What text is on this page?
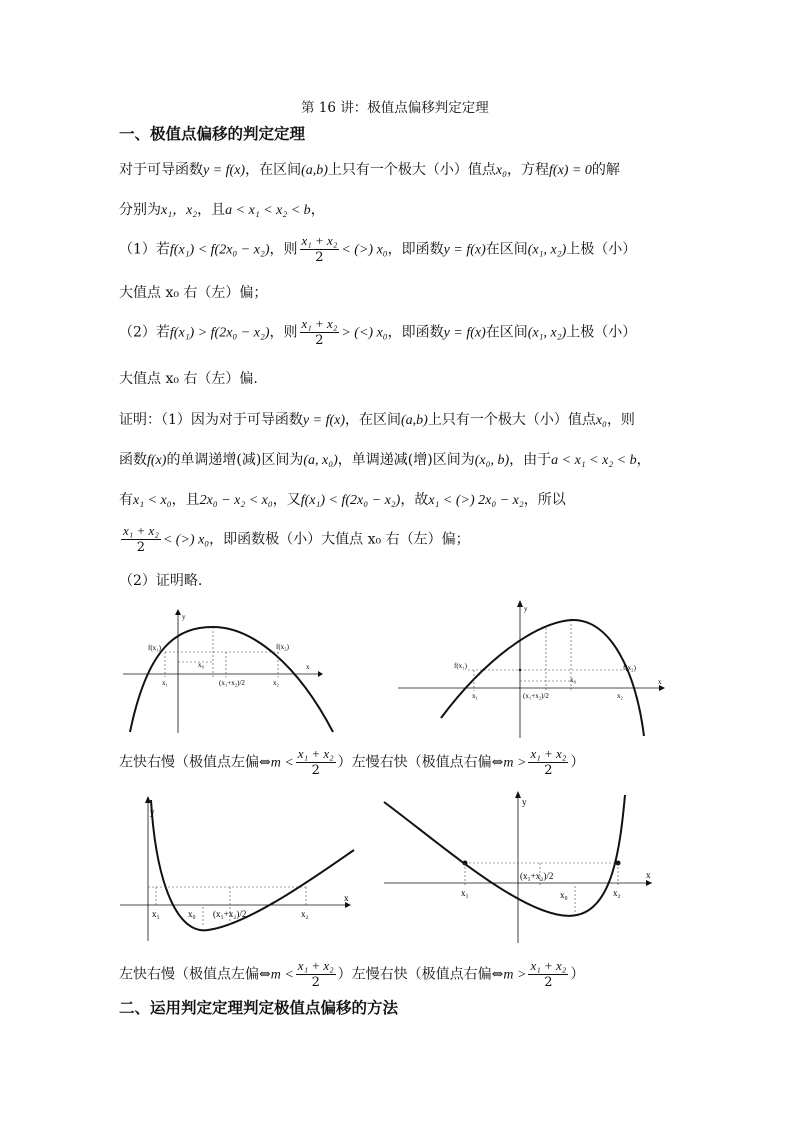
第 16 讲：极值点偏移判定定理
一、极值点偏移的判定定理
对于可导函数y = f(x)，在区间(a,b)上只有一个极大（小）值点x₀，方程f(x) = 0的解
分别为x₁，x₂，且a < x₁ < x₂ < b，
（1）若f(x₁) < f(2x₀ − x₂)，则 $\frac{\text{x₁ + x₂}}{2}$ < (>) x₀，即函数y = f(x)在区间(x₁, x₂)上极（小）
大值点 x₀ 右（左）偏；
（2）若f(x₁) > f(2x₀ − x₂)，则 $\frac{\text{x₁ + x₂}}{2}$ > (<) x₀，即函数y = f(x)在区间(x₁, x₂)上极（小）
大值点 x₀ 右（左）偏.
证明：（1）因为对于可导函数y = f(x)，在区间(a,b)上只有一个极大（小）值点x₀，则
函数f(x)的单调递增(减)区间为(a, x₀)，单调递减(增)区间为(x₀, b)，由于a < x₁ < x₂ < b，
有x₁ < x₀，且2x₀ − x₂ < x₀，又f(x₁) < f(2x₀ − x₂)，故x₁ < (>) 2x₀ − x₂，所以
$\frac{\text{x₁ + x₂}}{2}$ < (>) x₀，即函数极（小）大值点 x₀ 右（左）偏；
（2）证明略.
f(x₁)	f(x₂)
x₁	x₂
x₀
(x₁+x₂)/2
x
y
f(x₁)	f(x₂)
x₁	x₂
x₀
(x₁+x₂)/2
x
y
左快右慢（极值点左偏⇔m < $\frac{\text{x₁ + x₂}}{2}$ ）左慢右快（极值点右偏⇔m > $\frac{\text{x₁ + x₂}}{2}$ ）
x₁	x₂
x₀ (x₁+x₂)/2
x
y
x₁	x₂
x₀
(x₁+x₂)/2	x
y
左快右慢（极值点左偏⇔m < $\frac{\text{x₁ + x₂}}{2}$ ）左慢右快（极值点右偏⇔m > $\frac{\text{x₁ + x₂}}{2}$ ）
二、运用判定定理判定极值点偏移的方法
